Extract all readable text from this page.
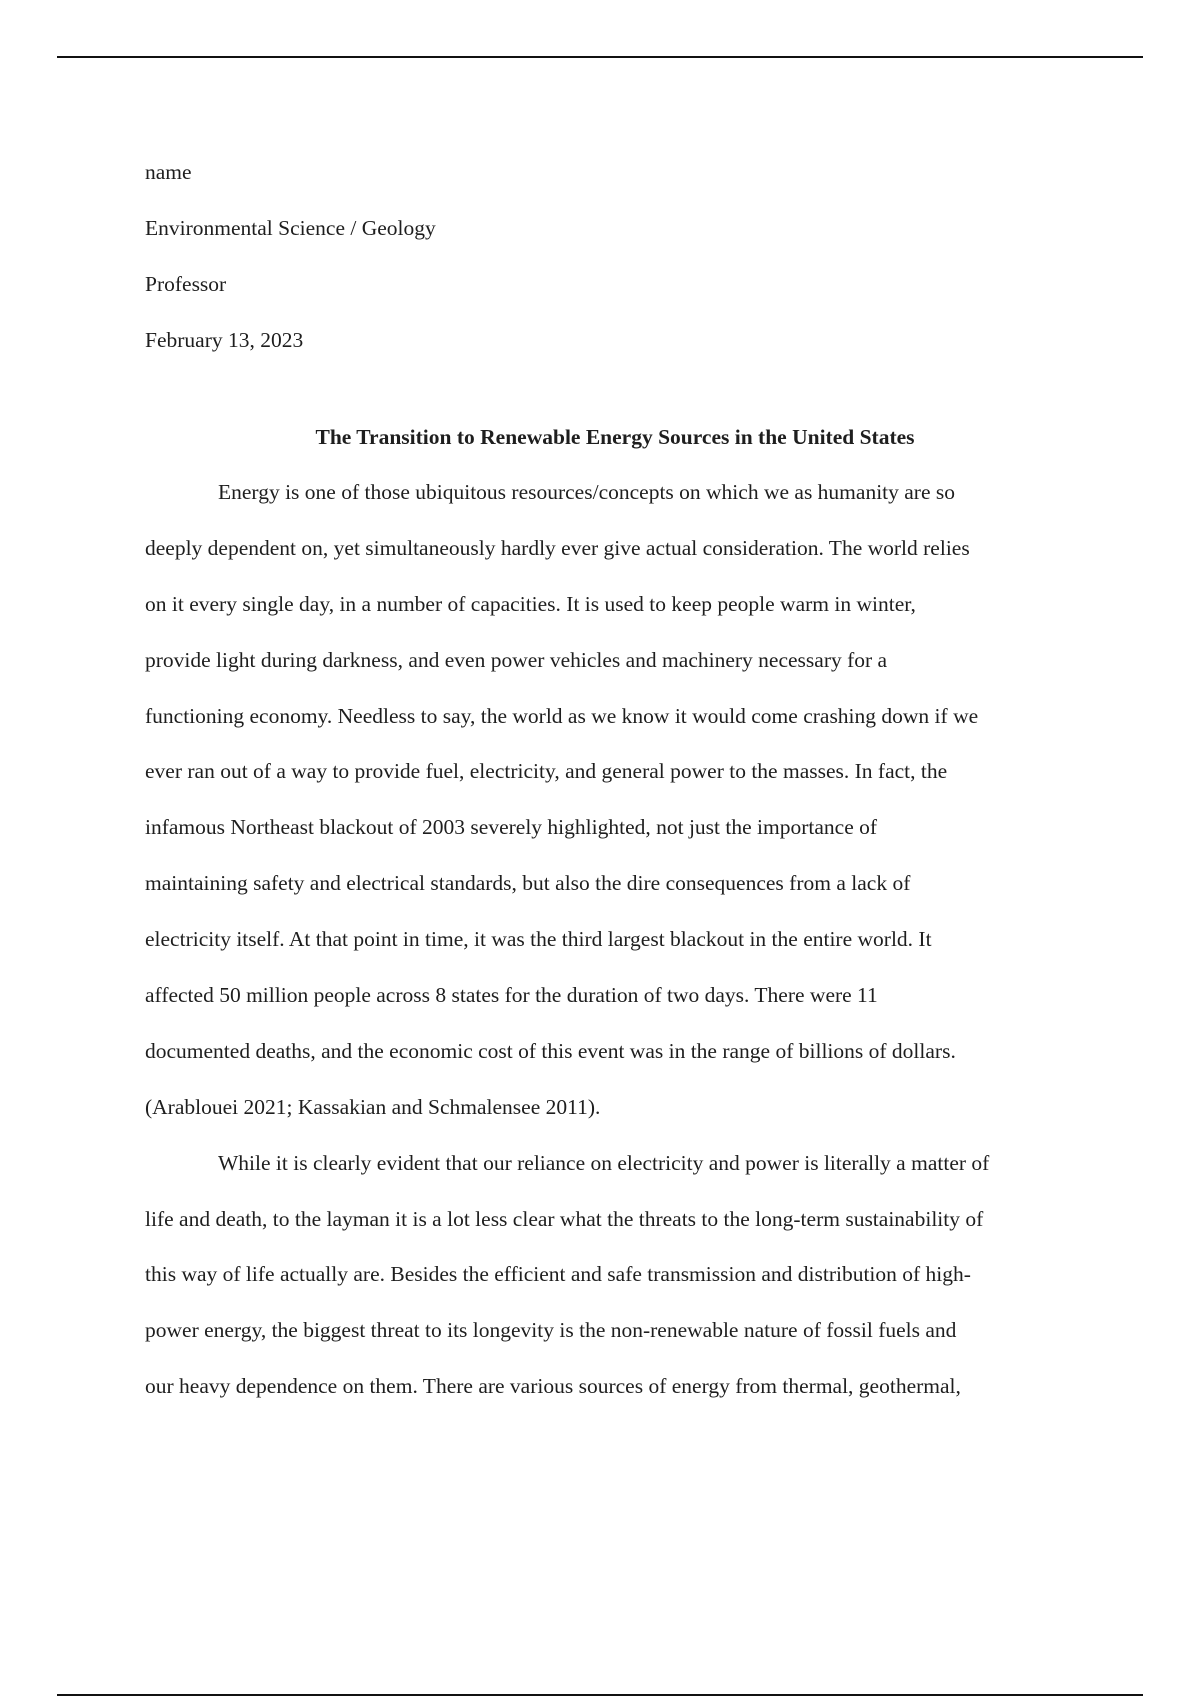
name
Environmental Science / Geology
Professor
February 13, 2023
The Transition to Renewable Energy Sources in the United States
Energy is one of those ubiquitous resources/concepts on which we as humanity are so
deeply dependent on, yet simultaneously hardly ever give actual consideration. The world relies
on it every single day, in a number of capacities. It is used to keep people warm in winter,
provide light during darkness, and even power vehicles and machinery necessary for a
functioning economy. Needless to say, the world as we know it would come crashing down if we
ever ran out of a way to provide fuel, electricity, and general power to the masses. In fact, the
infamous Northeast blackout of 2003 severely highlighted, not just the importance of
maintaining safety and electrical standards, but also the dire consequences from a lack of
electricity itself. At that point in time, it was the third largest blackout in the entire world. It
affected 50 million people across 8 states for the duration of two days. There were 11
documented deaths, and the economic cost of this event was in the range of billions of dollars.
(Arablouei 2021; Kassakian and Schmalensee 2011).
While it is clearly evident that our reliance on electricity and power is literally a matter of
life and death, to the layman it is a lot less clear what the threats to the long-term sustainability of
this way of life actually are. Besides the efficient and safe transmission and distribution of high-
power energy, the biggest threat to its longevity is the non-renewable nature of fossil fuels and
our heavy dependence on them. There are various sources of energy from thermal, geothermal,
